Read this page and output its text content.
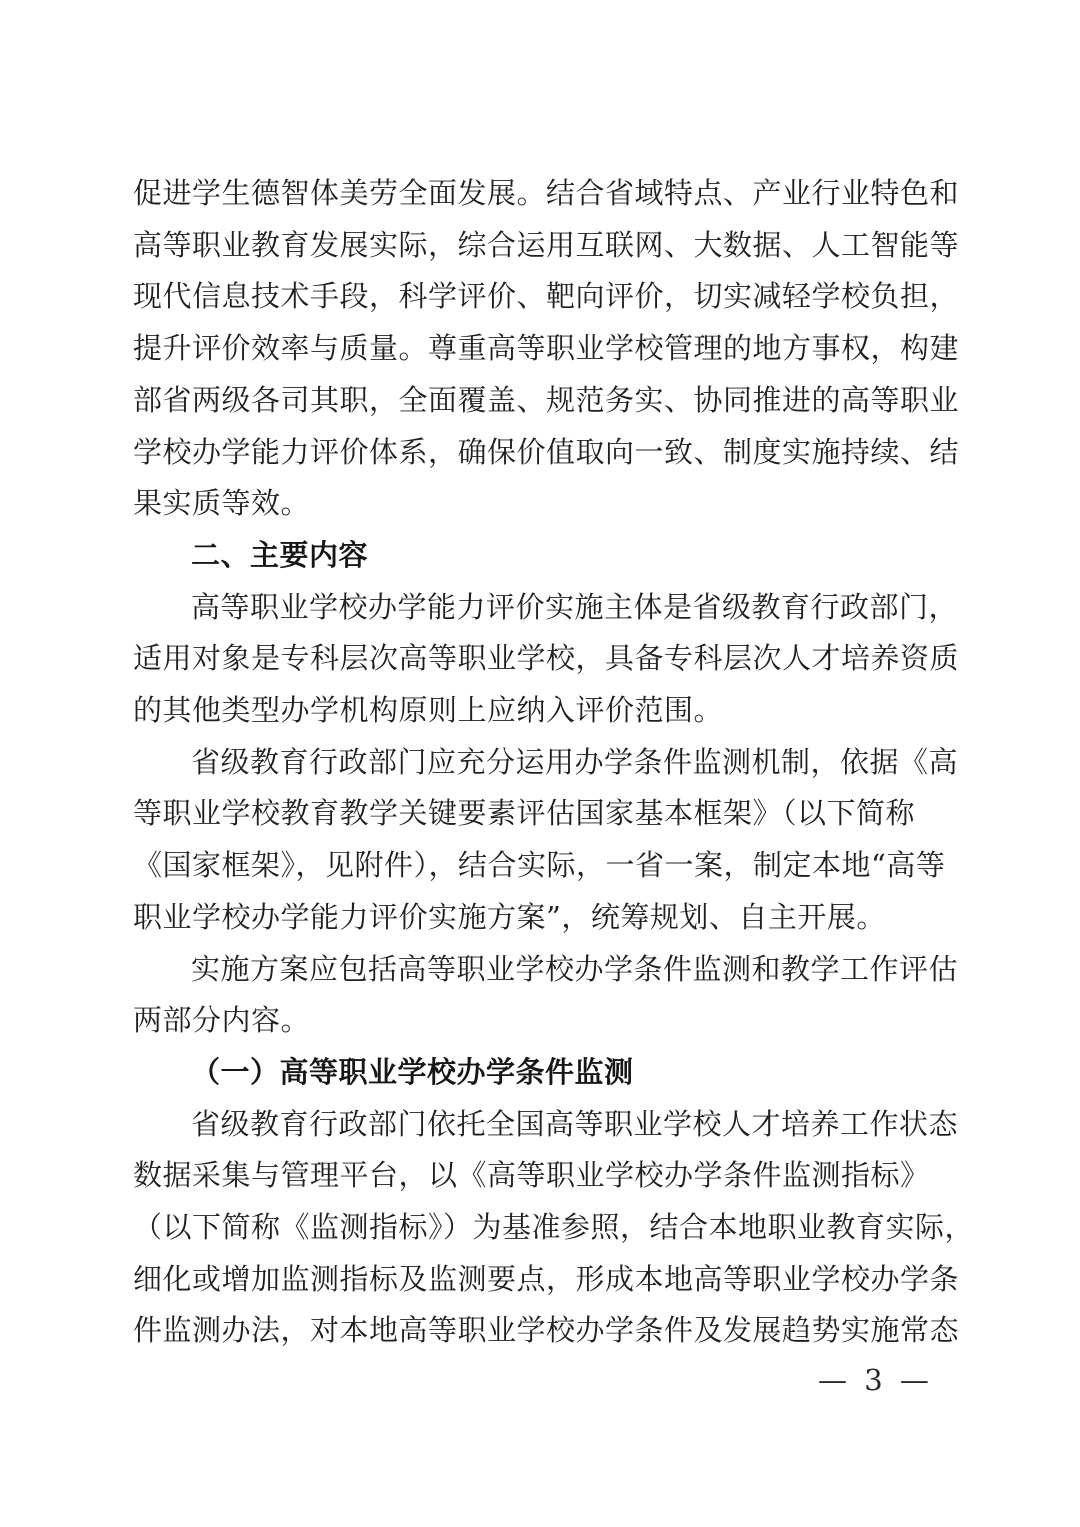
促进学生德智体美劳全面发展。结合省域特点、产业行业特色和
高等职业教育发展实际，综合运用互联网、大数据、人工智能等
现代信息技术手段，科学评价、靶向评价，切实减轻学校负担，
提升评价效率与质量。尊重高等职业学校管理的地方事权，构建
部省两级各司其职，全面覆盖、规范务实、协同推进的高等职业
学校办学能力评价体系，确保价值取向一致、制度实施持续、结
果实质等效。
二、主要内容
高等职业学校办学能力评价实施主体是省级教育行政部门，
适用对象是专科层次高等职业学校，具备专科层次人才培养资质
的其他类型办学机构原则上应纳入评价范围。
省级教育行政部门应充分运用办学条件监测机制，依据《高
等职业学校教育教学关键要素评估国家基本框架》（以下简称
《国家框架》，见附件），结合实际，一省一案，制定本地“高等
职业学校办学能力评价实施方案”，统筹规划、自主开展。
实施方案应包括高等职业学校办学条件监测和教学工作评估
两部分内容。
（一）高等职业学校办学条件监测
省级教育行政部门依托全国高等职业学校人才培养工作状态
数据采集与管理平台，以《高等职业学校办学条件监测指标》
（以下简称《监测指标》）为基准参照，结合本地职业教育实际，
细化或增加监测指标及监测要点，形成本地高等职业学校办学条
件监测办法，对本地高等职业学校办学条件及发展趋势实施常态
— 3 —
